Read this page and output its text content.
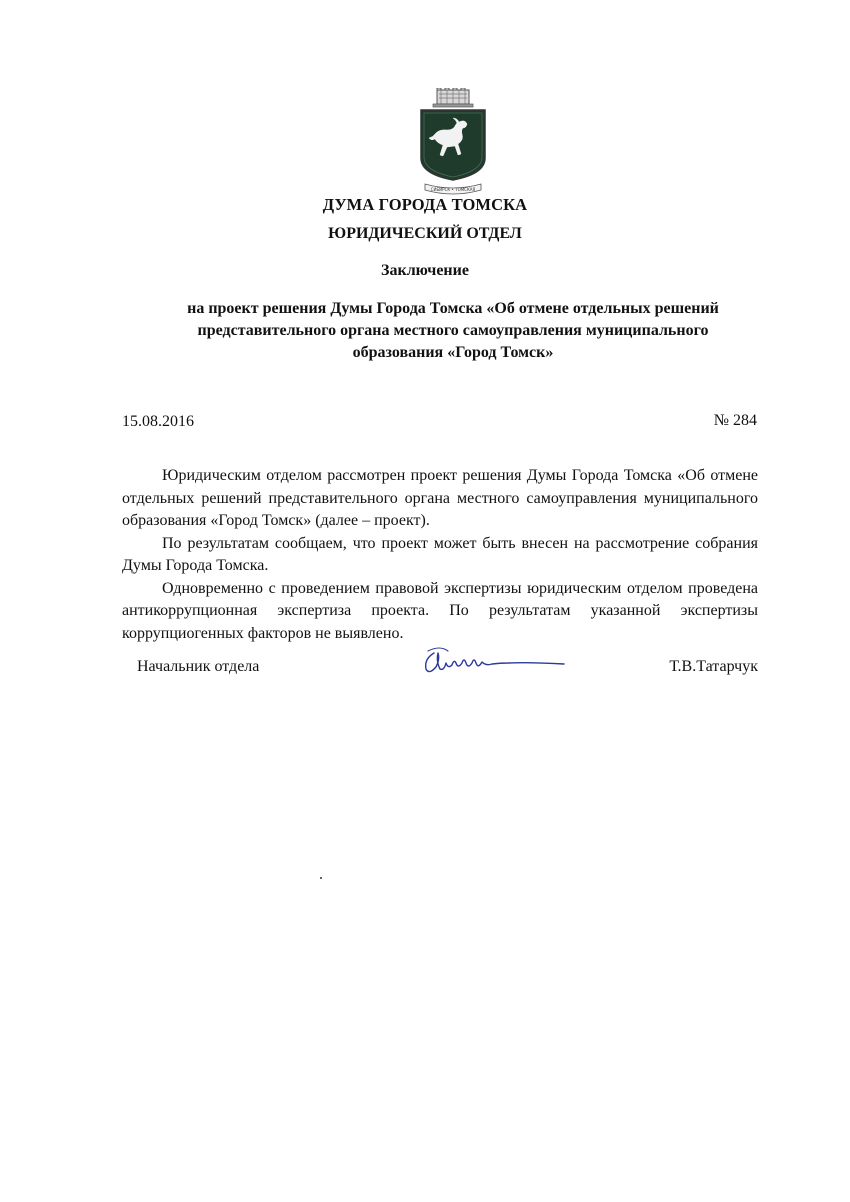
СИБИРСК • ТОМСКАЯ
ДУМА ГОРОДА ТОМСКА
ЮРИДИЧЕСКИЙ ОТДЕЛ
Заключение
на проект решения Думы Города Томска «Об отмене отдельных решений
представительного органа местного самоуправления муниципального
образования «Город Томск»
15.08.2016	№ 284

Юридическим отделом рассмотрен проект решения Думы Города Томска «Об отмене отдельных решений представительного органа местного самоуправления муниципального образования «Город Томск» (далее – проект).

По результатам сообщаем, что проект может быть внесен на рассмотрение собрания Думы Города Томска.

Одновременно с проведением правовой экспертизы юридическим отделом проведена антикоррупционная экспертиза проекта. По результатам указанной экспертизы коррупциогенных факторов не выявлено.

Начальник отдела	Т.В.Татарчук
